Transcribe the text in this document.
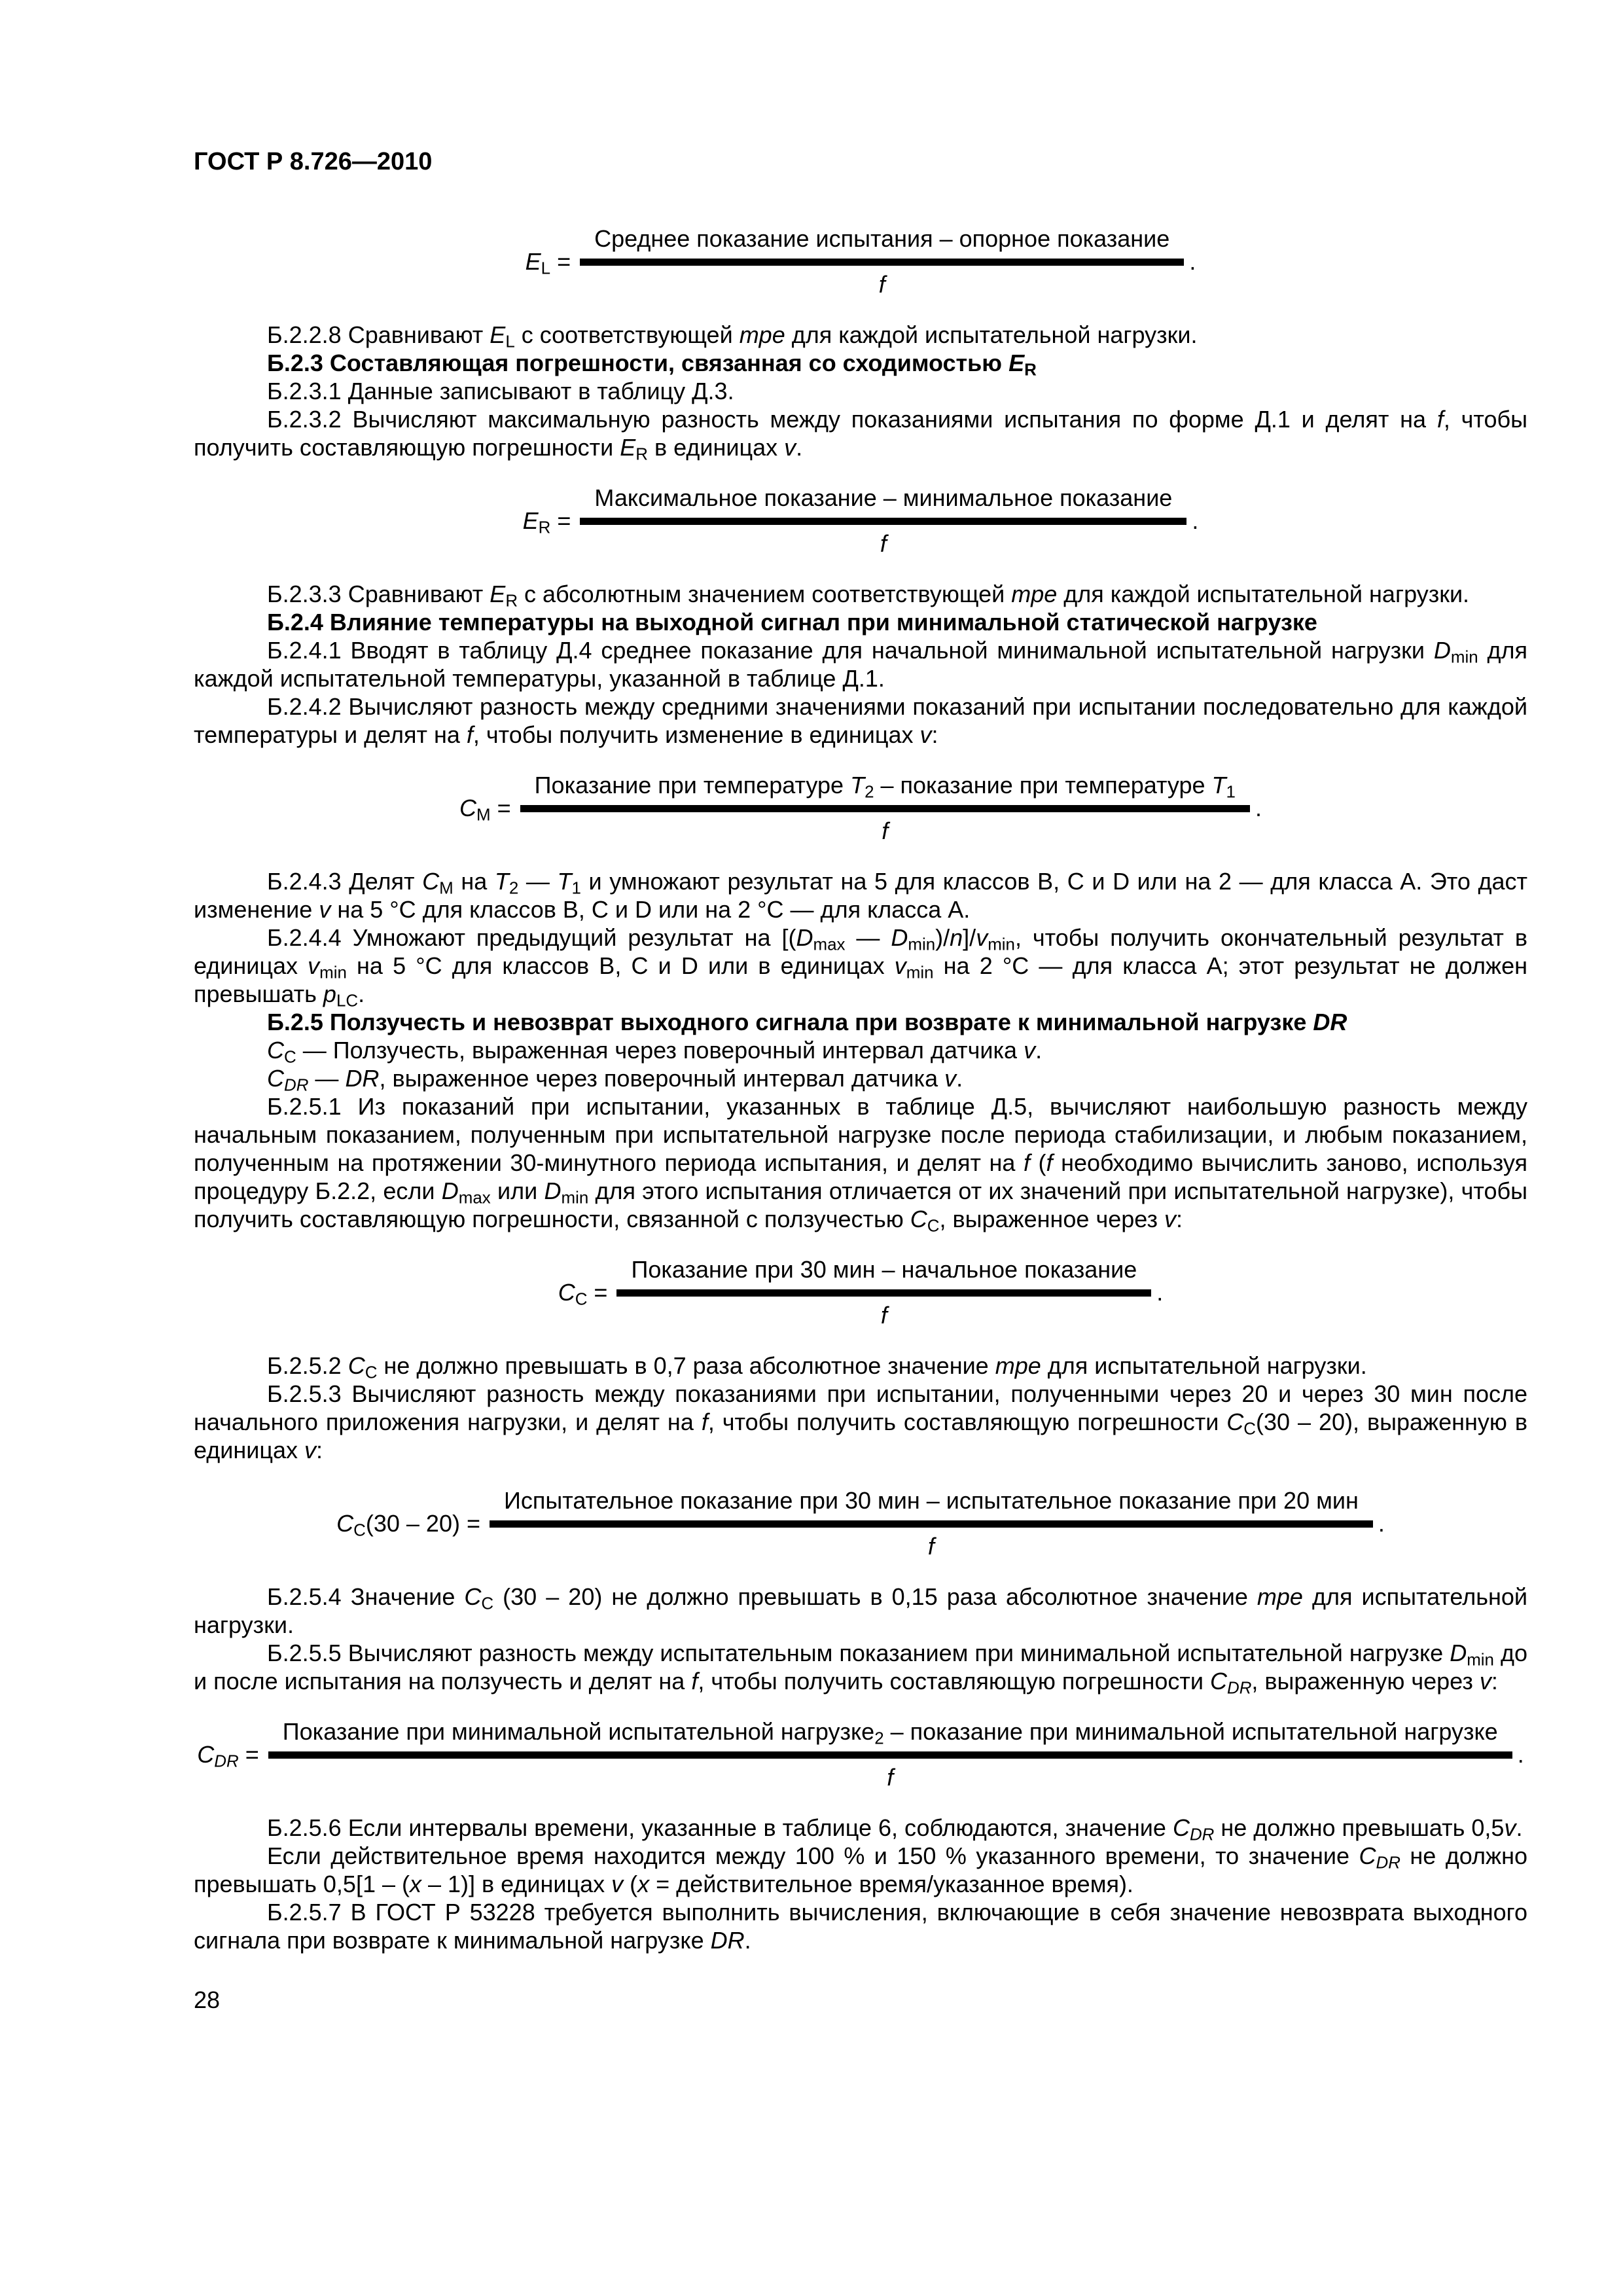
ГОСТ Р 8.726—2010
$E_L = \frac{\text{Среднее показание испытания – опорное показание}}{f}$ .
Б.2.2.8 Сравнивают $E_L$ с соответствующей mpe для каждой испытательной нагрузки.
Б.2.3 Составляющая погрешности, связанная со сходимостью $E_R$
Б.2.3.1 Данные записывают в таблицу Д.3.
Б.2.3.2 Вычисляют максимальную разность между показаниями испытания по форме Д.1 и делят на f, чтобы получить составляющую погрешности $E_R$ в единицах v.
$E_R = \frac{\text{Максимальное показание – минимальное показание}}{f}$ .
Б.2.3.3 Сравнивают $E_R$ с абсолютным значением соответствующей mpe для каждой испытательной нагрузки.
Б.2.4 Влияние температуры на выходной сигнал при минимальной статической нагрузке
Б.2.4.1 Вводят в таблицу Д.4 среднее показание для начальной минимальной испытательной нагрузки $D_{min}$ для каждой испытательной температуры, указанной в таблице Д.1.
Б.2.4.2 Вычисляют разность между средними значениями показаний при испытании последовательно для каждой температуры и делят на f, чтобы получить изменение в единицах v:
$C_M = \frac{Показание при температуре T_2 - показание при температуре T_1}{f}$ .
Б.2.4.3 Делят $C_M$ на $T_2$ — $T_1$ и умножают результат на 5 для классов B, C и D или на 2 — для класса A. Это даст изменение v на 5 °C для классов B, C и D или на 2 °C — для класса A.
Б.2.4.4 Умножают предыдущий результат на [($D_{max}$ — $D_{min})/n]/v_{min}$, чтобы получить окончательный результат в единицах $v_{min}$ на 5 °C для классов B, C и D или в единицах $v_{min}$ на 2 °C — для класса A; этот результат не должен превышать $p_{LC}$.
Б.2.5 Ползучесть и невозврат выходного сигнала при возврате к минимальной нагрузке DR
$C_C$ — Ползучесть, выраженная через поверочный интервал датчика v.
$C_{DR}$ — DR, выраженное через поверочный интервал датчика v.
Б.2.5.1 Из показаний при испытании, указанных в таблице Д.5, вычисляют наибольшую разность между начальным показанием, полученным при испытательной нагрузке после периода стабилизации, и любым показанием, полученным на протяжении 30-минутного периода испытания, и делят на f (f необходимо вычислить заново, используя процедуру Б.2.2, если $D_{max}$ или $D_{min}$ для этого испытания отличается от их значений при испытательной нагрузке), чтобы получить составляющую погрешности, связанной с ползучестью $C_C$, выраженное через v:
$C_C = \frac{\text{Показание при 30 мин – начальное показание}}{f}$ .
Б.2.5.2 $C_C$ не должно превышать в 0,7 раза абсолютное значение mpe для испытательной нагрузки.
Б.2.5.3 Вычисляют разность между показаниями при испытании, полученными через 20 и через 30 мин после начального приложения нагрузки, и делят на f, чтобы получить составляющую погрешности $C_C(30 - 20)$, выраженную в единицах v:
$C_C(30 - 20)$ =
Испытательное показание при 30 мин – испытательное показание при 20 мин
f
.
Б.2.5.4 Значение $C_C$ (30 – 20) не должно превышать в 0,15 раза абсолютное значение mpe для испытательной нагрузки.
Б.2.5.5 Вычисляют разность между испытательным показанием при минимальной испытательной нагрузке $D_{min}$ до и после испытания на ползучесть и делят на f, чтобы получить составляющую погрешности $C_{DR}$, выраженную через v:
$C_{DR}$ =
Показание при минимальной испытательной нагрузке$_2$ – показание при минимальной испытательной нагрузке
f
.
Б.2.5.6 Если интервалы времени, указанные в таблице 6, соблюдаются, значение $C_{DR}$ не должно превышать 0,5v.
Если действительное время находится между 100 % и 150 % указанного времени, то значение $C_{DR}$ не должно превышать 0,5[1 – (x – 1)] в единицах v (x = действительное время/указанное время).
Б.2.5.7 В ГОСТ Р 53228 требуется выполнить вычисления, включающие в себя значение невозврата выходного сигнала при возврате к минимальной нагрузке DR.
28
